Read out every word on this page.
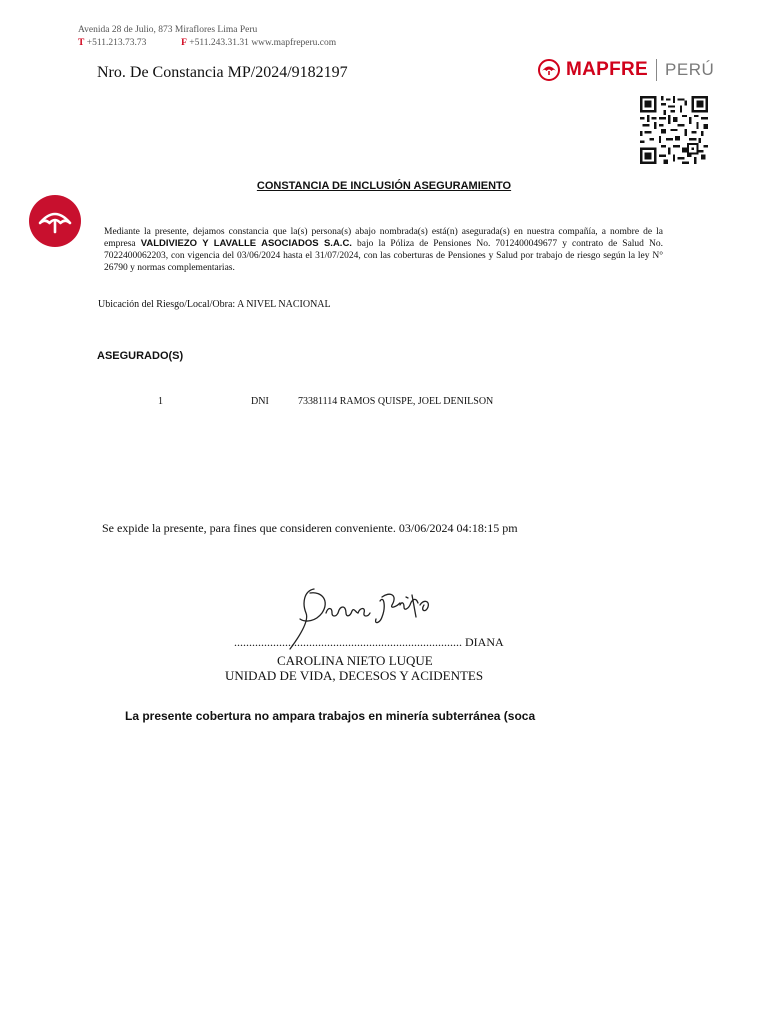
Avenida 28 de Julio, 873 Miraflores Lima Peru
T +511.213.73.73	F +511.243.31.31 www.mapfreperu.com
Nro. De Constancia MP/2024/9182197	MAPFRE PERÚ
CONSTANCIA DE INCLUSIÓN ASEGURAMIENTO
Mediante la presente, dejamos constancia que la(s) persona(s) abajo nombrada(s) está(n) asegurada(s) en nuestra compañía, a nombre de la empresa VALDIVIEZO Y LAVALLE ASOCIADOS S.A.C. bajo la Póliza de Pensiones No. 7012400049677 y contrato de Salud No. 7022400062203, con vigencia del 03/06/2024 hasta el 31/07/2024, con las coberturas de Pensiones y Salud por trabajo de riesgo según la ley N° 26790 y normas complementarias.
Ubicación del Riesgo/Local/Obra: A NIVEL NACIONAL
ASEGURADO(S)
1	DNI	73381114 RAMOS QUISPE, JOEL DENILSON
Se expide la presente, para fines que consideren conveniente. 03/06/2024 04:18:15 pm
............................................................................ DIANA
CAROLINA NIETO LUQUE
UNIDAD DE VIDA, DECESOS Y ACIDENTES
La presente cobertura no ampara trabajos en minería subterránea (soca
